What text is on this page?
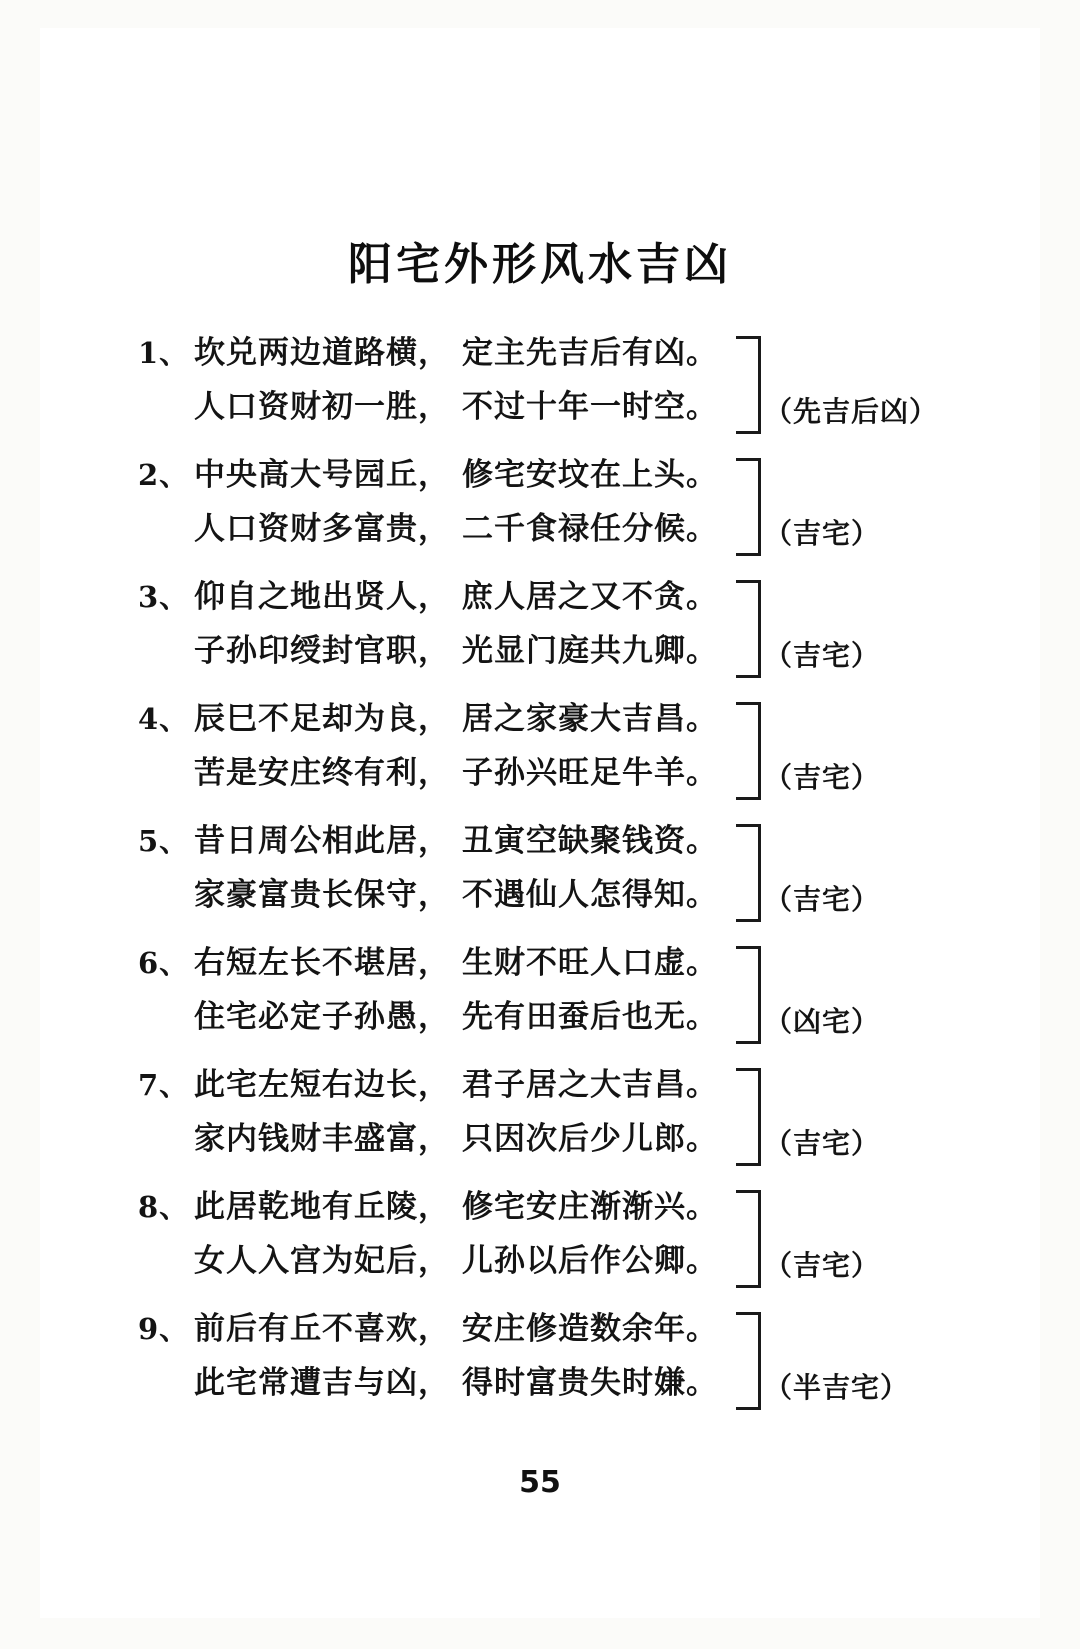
阳宅外形风水吉凶
1、 坎兑两边道路横， 定主先吉后有凶。
人口资财初一胜， 不过十年一时空。	（先吉后凶）
2、 中央高大号园丘， 修宅安坟在上头。
人口资财多富贵， 二千食禄任分候。	（吉宅）
3、 仰自之地出贤人， 庶人居之又不贪。
子孙印绶封官职， 光显门庭共九卿。	（吉宅）
4、 辰巳不足却为良， 居之家豪大吉昌。
苦是安庄终有利， 子孙兴旺足牛羊。	（吉宅）
5、 昔日周公相此居， 丑寅空缺聚钱资。
家豪富贵长保守， 不遇仙人怎得知。	（吉宅）
6、 右短左长不堪居， 生财不旺人口虚。
住宅必定子孙愚， 先有田蚕后也无。	（凶宅）
7、 此宅左短右边长， 君子居之大吉昌。
家内钱财丰盛富， 只因次后少儿郎。	（吉宅）
8、 此居乾地有丘陵， 修宅安庄渐渐兴。
女人入宫为妃后， 儿孙以后作公卿。	（吉宅）
9、 前后有丘不喜欢， 安庄修造数余年。
此宅常遭吉与凶， 得时富贵失时嫌。	（半吉宅）
55
